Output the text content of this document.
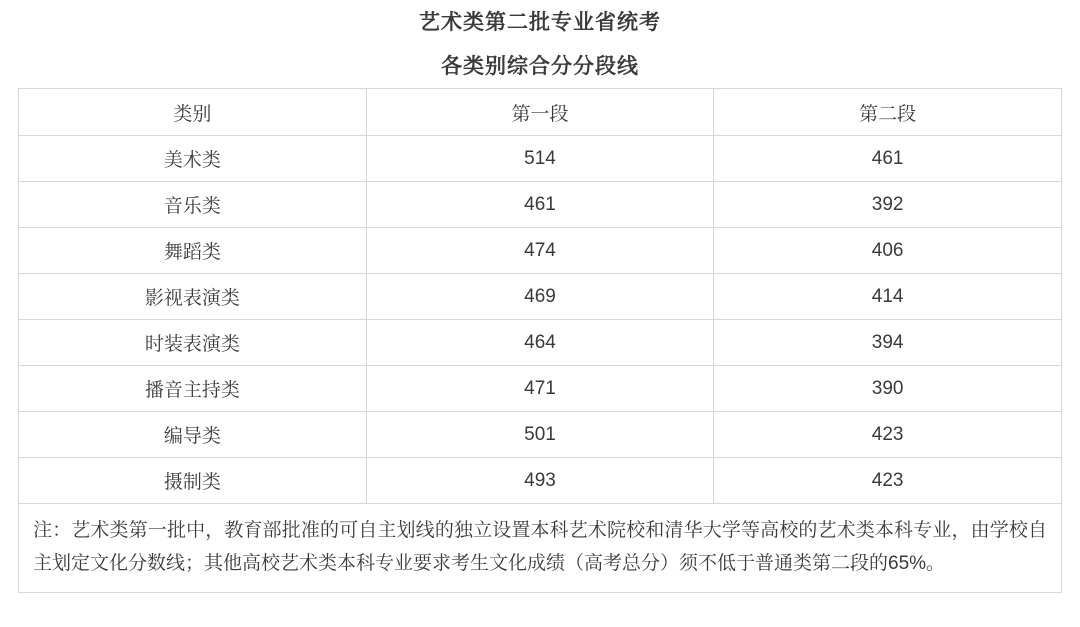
艺术类第二批专业省统考		
各类别综合分分段线		
类别	第一段	第二段
美术类	514	461
音乐类	461	392
舞蹈类	474	406
影视表演类	469	414
时装表演类	464	394
播音主持类	471	390
编导类	501	423
摄制类	493	423

注：艺术类第一批中，教育部批准的可自主划线的独立设置本科艺术院校和清华大学等高校的艺术类本科专业，由学校自主划定文化分数线；其他高校艺术类本科专业要求考生文化成绩（高考总分）须不低于普通类第二段的65%。		
